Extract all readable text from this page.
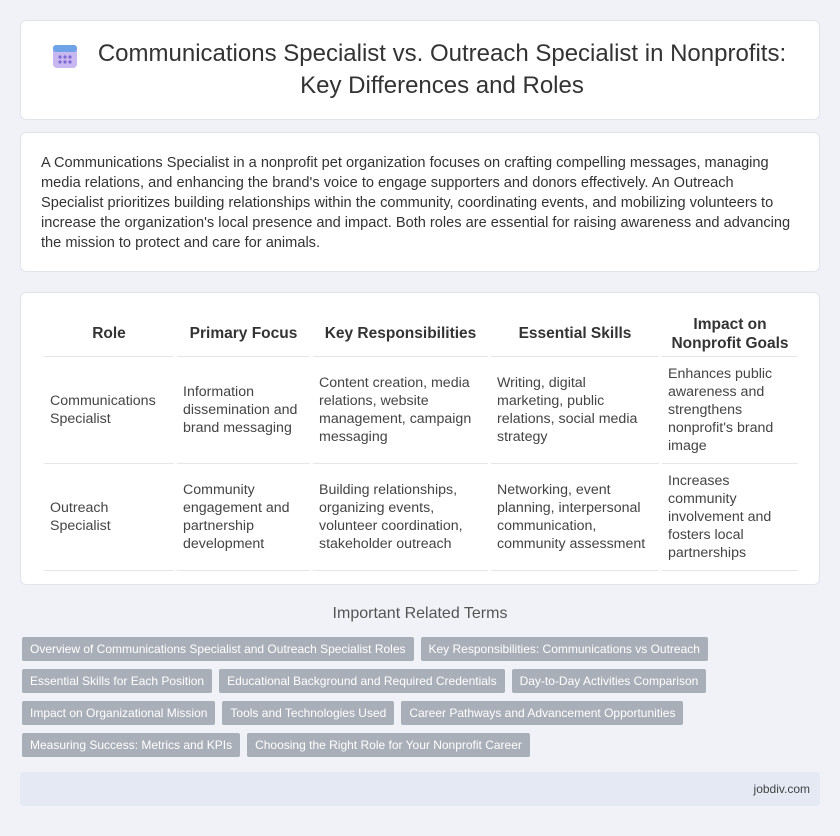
Communications Specialist vs. Outreach Specialist in Nonprofits: Key Differences and Roles

A Communications Specialist in a nonprofit pet organization focuses on crafting compelling messages, managing media relations, and enhancing the brand's voice to engage supporters and donors effectively. An Outreach Specialist prioritizes building relationships within the community, coordinating events, and mobilizing volunteers to increase the organization's local presence and impact. Both roles are essential for raising awareness and advancing the mission to protect and care for animals.

Role	Primary Focus	Key Responsibilities	Essential Skills	Impact on Nonprofit Goals
Communications Specialist	Information dissemination and brand messaging	Content creation, media relations, website management, campaign messaging	Writing, digital marketing, public relations, social media strategy	Enhances public awareness and strengthens nonprofit's brand image
Outreach Specialist	Community engagement and partnership development	Building relationships, organizing events, volunteer coordination, stakeholder outreach	Networking, event planning, interpersonal communication, community assessment	Increases community involvement and fosters local partnerships
Important Related Terms
Overview of Communications Specialist and Outreach Specialist Roles	Key Responsibilities: Communications vs Outreach
Essential Skills for Each Position	Educational Background and Required Credentials	Day-to-Day Activities Comparison
Impact on Organizational Mission	Tools and Technologies Used	Career Pathways and Advancement Opportunities
Measuring Success: Metrics and KPIs	Choosing the Right Role for Your Nonprofit Career
jobdiv.com
